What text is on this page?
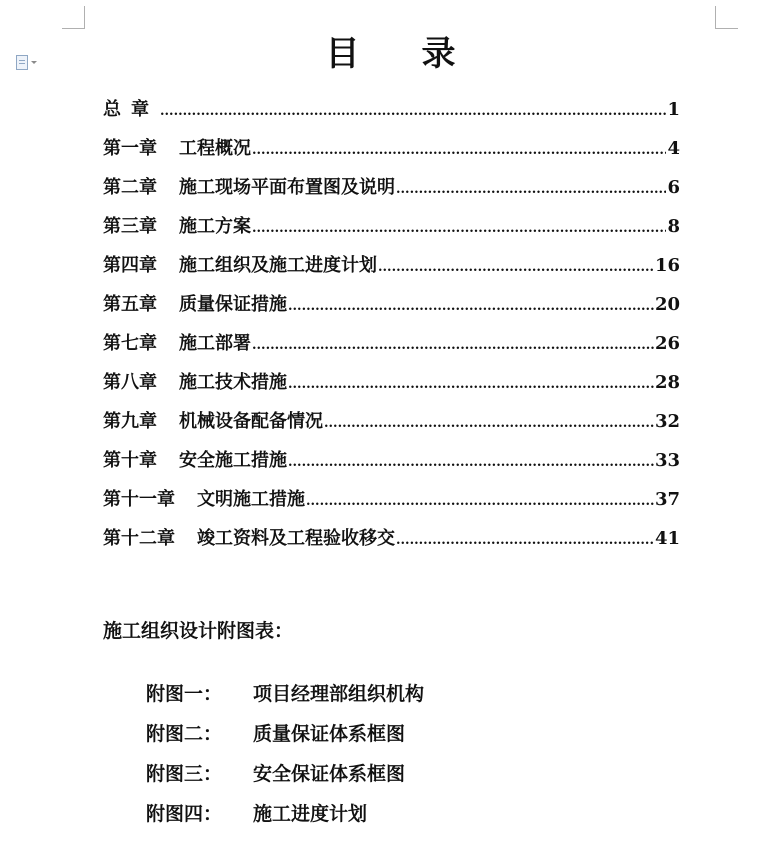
目 录
总章 .....	1
第一章 工程概况 .....	4
第二章 施工现场平面布置图及说明 .....	6
第三章 施工方案 .....	8
第四章 施工组织及施工进度计划 .....	16
第五章 质量保证措施 .....	20
第七章 施工部署 .....	26
第八章 施工技术措施 .....	28
第九章 机械设备配备情况 .....	32
第十章 安全施工措施 .....	33
第十一章 文明施工措施 .....	37
第十二章 竣工资料及工程验收移交 .....	41
施工组织设计附图表：
附图一：	项目经理部组织机构
附图二：	质量保证体系框图
附图三：	安全保证体系框图
附图四：	施工进度计划
